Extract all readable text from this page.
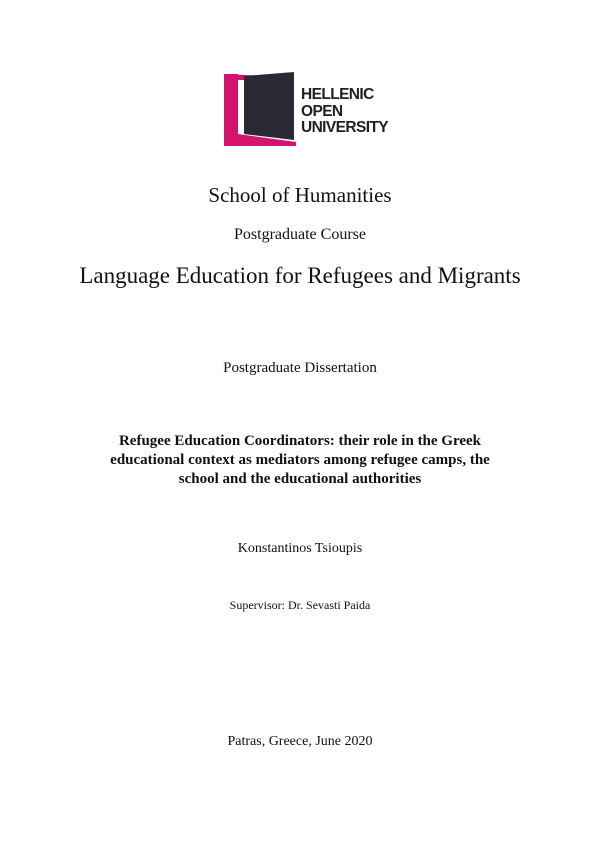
HELLENIC
OPEN
UNIVERSITY
School of Humanities
Postgraduate Course
Language Education for Refugees and Migrants
Postgraduate Dissertation
Refugee Education Coordinators: their role in the Greek
educational context as mediators among refugee camps, the
school and the educational authorities
Konstantinos Tsioupis
Supervisor: Dr. Sevasti Paida
Patras, Greece, June 2020
